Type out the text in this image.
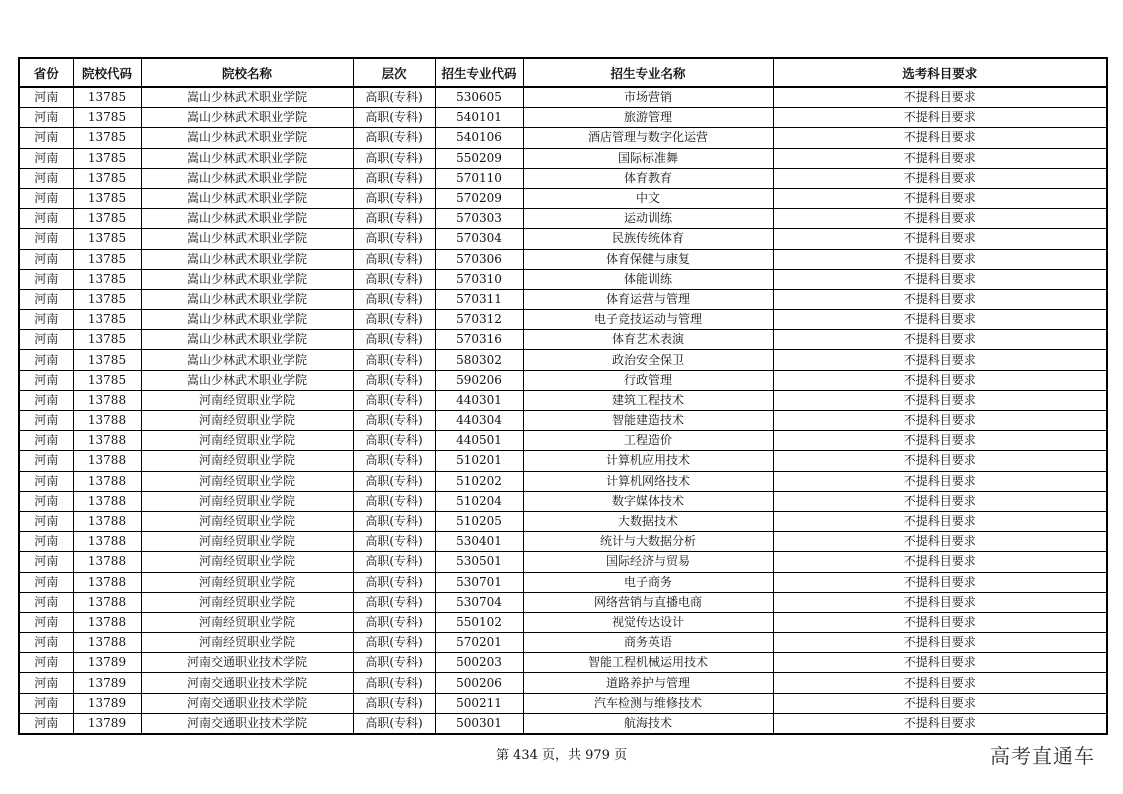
省份	院校代码	院校名称	层次	招生专业代码	招生专业名称	选考科目要求
河南	13785	嵩山少林武术职业学院	高职(专科)	530605	市场营销	不提科目要求
河南	13785	嵩山少林武术职业学院	高职(专科)	540101	旅游管理	不提科目要求
河南	13785	嵩山少林武术职业学院	高职(专科)	540106	酒店管理与数字化运营	不提科目要求
河南	13785	嵩山少林武术职业学院	高职(专科)	550209	国际标准舞	不提科目要求
河南	13785	嵩山少林武术职业学院	高职(专科)	570110	体育教育	不提科目要求
河南	13785	嵩山少林武术职业学院	高职(专科)	570209	中文	不提科目要求
河南	13785	嵩山少林武术职业学院	高职(专科)	570303	运动训练	不提科目要求
河南	13785	嵩山少林武术职业学院	高职(专科)	570304	民族传统体育	不提科目要求
河南	13785	嵩山少林武术职业学院	高职(专科)	570306	体育保健与康复	不提科目要求
河南	13785	嵩山少林武术职业学院	高职(专科)	570310	体能训练	不提科目要求
河南	13785	嵩山少林武术职业学院	高职(专科)	570311	体育运营与管理	不提科目要求
河南	13785	嵩山少林武术职业学院	高职(专科)	570312	电子竞技运动与管理	不提科目要求
河南	13785	嵩山少林武术职业学院	高职(专科)	570316	体育艺术表演	不提科目要求
河南	13785	嵩山少林武术职业学院	高职(专科)	580302	政治安全保卫	不提科目要求
河南	13785	嵩山少林武术职业学院	高职(专科)	590206	行政管理	不提科目要求
河南	13788	河南经贸职业学院	高职(专科)	440301	建筑工程技术	不提科目要求
河南	13788	河南经贸职业学院	高职(专科)	440304	智能建造技术	不提科目要求
河南	13788	河南经贸职业学院	高职(专科)	440501	工程造价	不提科目要求
河南	13788	河南经贸职业学院	高职(专科)	510201	计算机应用技术	不提科目要求
河南	13788	河南经贸职业学院	高职(专科)	510202	计算机网络技术	不提科目要求
河南	13788	河南经贸职业学院	高职(专科)	510204	数字媒体技术	不提科目要求
河南	13788	河南经贸职业学院	高职(专科)	510205	大数据技术	不提科目要求
河南	13788	河南经贸职业学院	高职(专科)	530401	统计与大数据分析	不提科目要求
河南	13788	河南经贸职业学院	高职(专科)	530501	国际经济与贸易	不提科目要求
河南	13788	河南经贸职业学院	高职(专科)	530701	电子商务	不提科目要求
河南	13788	河南经贸职业学院	高职(专科)	530704	网络营销与直播电商	不提科目要求
河南	13788	河南经贸职业学院	高职(专科)	550102	视觉传达设计	不提科目要求
河南	13788	河南经贸职业学院	高职(专科)	570201	商务英语	不提科目要求
河南	13789	河南交通职业技术学院	高职(专科)	500203	智能工程机械运用技术	不提科目要求
河南	13789	河南交通职业技术学院	高职(专科)	500206	道路养护与管理	不提科目要求
河南	13789	河南交通职业技术学院	高职(专科)	500211	汽车检测与维修技术	不提科目要求
河南	13789	河南交通职业技术学院	高职(专科)	500301	航海技术	不提科目要求
第 434 页，共 979 页	高考直通车
